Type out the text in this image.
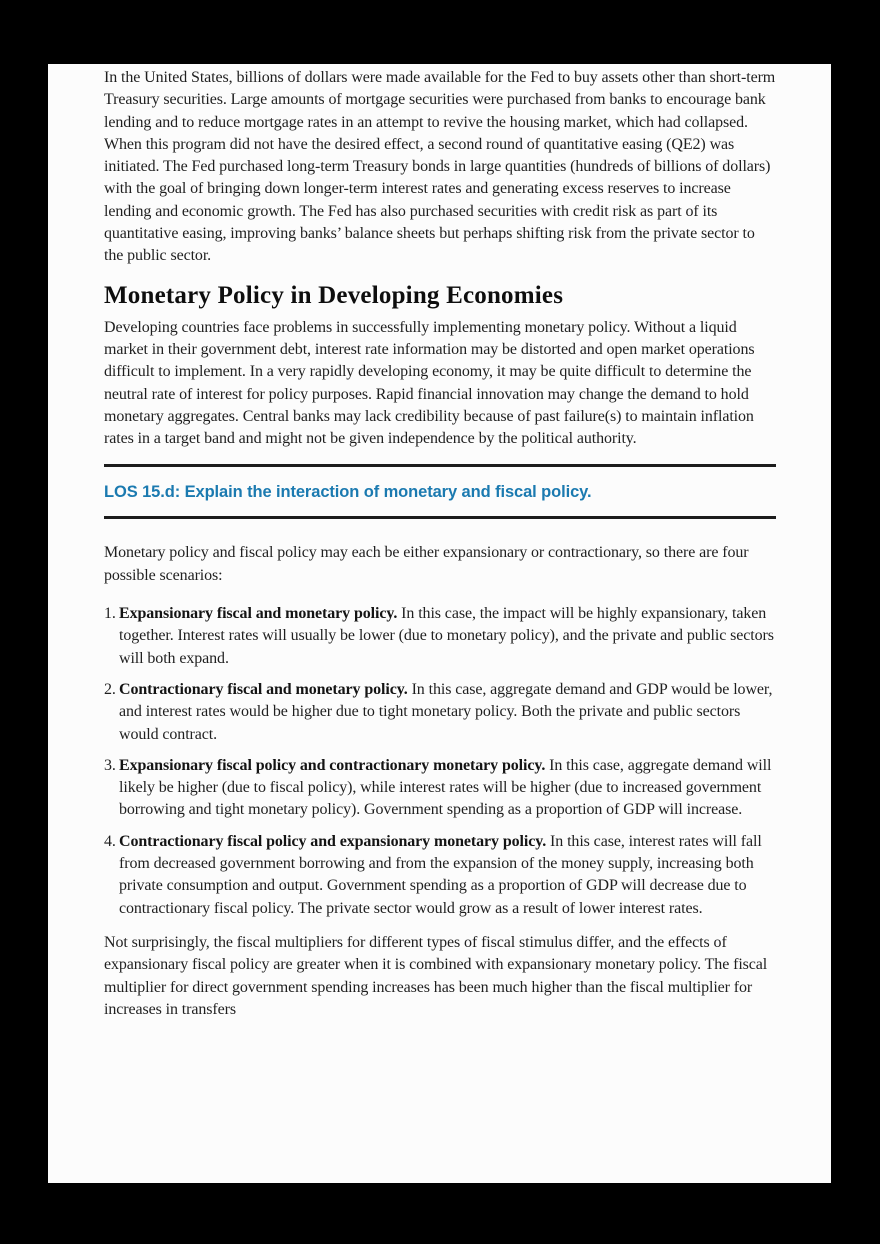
In the United States, billions of dollars were made available for the Fed to buy assets other than short-term Treasury securities. Large amounts of mortgage securities were purchased from banks to encourage bank lending and to reduce mortgage rates in an attempt to revive the housing market, which had collapsed. When this program did not have the desired effect, a second round of quantitative easing (QE2) was initiated. The Fed purchased long-term Treasury bonds in large quantities (hundreds of billions of dollars) with the goal of bringing down longer-term interest rates and generating excess reserves to increase lending and economic growth. The Fed has also purchased securities with credit risk as part of its quantitative easing, improving banks’ balance sheets but perhaps shifting risk from the private sector to the public sector.

Monetary Policy in Developing Economies

Developing countries face problems in successfully implementing monetary policy. Without a liquid market in their government debt, interest rate information may be distorted and open market operations difficult to implement. In a very rapidly developing economy, it may be quite difficult to determine the neutral rate of interest for policy purposes. Rapid financial innovation may change the demand to hold monetary aggregates. Central banks may lack credibility because of past failure(s) to maintain inflation rates in a target band and might not be given independence by the political authority.

LOS 15.d: Explain the interaction of monetary and fiscal policy.

Monetary policy and fiscal policy may each be either expansionary or contractionary, so there are four possible scenarios:

1. Expansionary fiscal and monetary policy. In this case, the impact will be highly expansionary, taken together. Interest rates will usually be lower (due to monetary policy), and the private and public sectors will both expand.
2. Contractionary fiscal and monetary policy. In this case, aggregate demand and GDP would be lower, and interest rates would be higher due to tight monetary policy. Both the private and public sectors would contract.
3. Expansionary fiscal policy and contractionary monetary policy. In this case, aggregate demand will likely be higher (due to fiscal policy), while interest rates will be higher (due to increased government borrowing and tight monetary policy). Government spending as a proportion of GDP will increase.
4. Contractionary fiscal policy and expansionary monetary policy. In this case, interest rates will fall from decreased government borrowing and from the expansion of the money supply, increasing both private consumption and output. Government spending as a proportion of GDP will decrease due to contractionary fiscal policy. The private sector would grow as a result of lower interest rates.

Not surprisingly, the fiscal multipliers for different types of fiscal stimulus differ, and the effects of expansionary fiscal policy are greater when it is combined with expansionary monetary policy. The fiscal multiplier for direct government spending increases has been much higher than the fiscal multiplier for increases in transfers
